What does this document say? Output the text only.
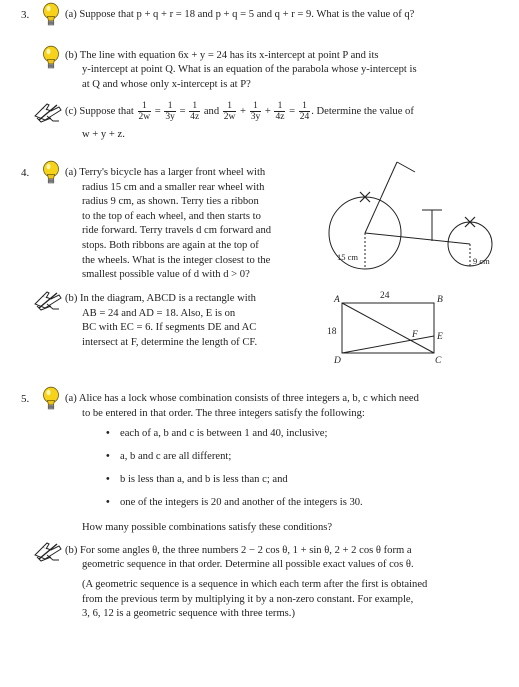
3.	(a) Suppose that p + q + r = 18 and p + q = 5 and q + r = 9. What is the value of q?
(b) The line with equation 6x + y = 24 has its x-intercept at point P and its
y-intercept at point Q. What is an equation of the parabola whose y-intercept is
at Q and whose only x-intercept is at P?
(c) Suppose that $\frac{1}{2w} = \frac{1}{3y} = \frac{1}{4z}$ and $\frac{1}{2w} + \frac{1}{3y} + \frac{1}{4z} = \frac{1}{24}$ . Determine the value of
w + y + z.
4.	(a) Terry's bicycle has a larger front wheel with
radius 15 cm and a smaller rear wheel with
radius 9 cm, as shown. Terry ties a ribbon
to the top of each wheel, and then starts to
ride forward. Terry travels d cm forward and
stops. Both ribbons are again at the top of
the wheels. What is the integer closest to the
smallest possible value of d with d > 0?
15 cm	9 cm
(b) In the diagram, ABCD is a rectangle with
AB = 24 and AD = 18. Also, E is on
BC with EC = 6. If segments DE and AC
intersect at F, determine the length of CF.
A	B
C
D
E
F
24
18
5.	(a) Alice has a lock whose combination consists of three integers a, b, c which need
to be entered in that order. The three integers satisfy the following:
• each of a, b and c is between 1 and 40, inclusive;
• a, b and c are all different;
• b is less than a, and b is less than c; and
• one of the integers is 20 and another of the integers is 30.
How many possible combinations satisfy these conditions?
(b) For some angles θ, the three numbers 2 − 2 cos θ, 1 + sin θ, 2 + 2 cos θ form a
geometric sequence in that order. Determine all possible exact values of cos θ.
(A geometric sequence is a sequence in which each term after the first is obtained
from the previous term by multiplying it by a non-zero constant. For example,
3, 6, 12 is a geometric sequence with three terms.)
